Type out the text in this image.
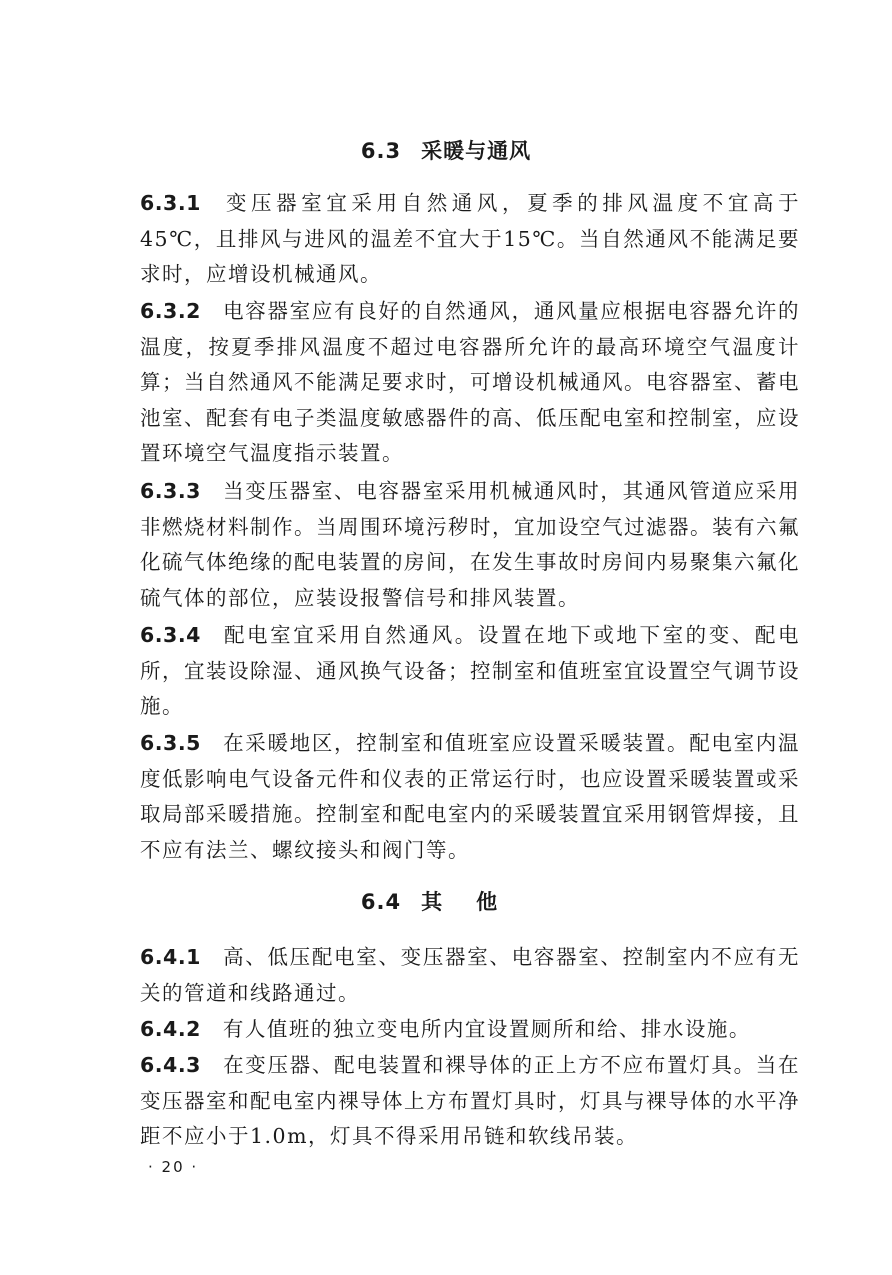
6.3 采暖与通风

6.3.1 变压器室宜采用自然通风，夏季的排风温度不宜高于45℃，且排风与进风的温差不宜大于15℃。当自然通风不能满足要求时，应增设机械通风。

6.3.2 电容器室应有良好的自然通风，通风量应根据电容器允许的温度，按夏季排风温度不超过电容器所允许的最高环境空气温度计算；当自然通风不能满足要求时，可增设机械通风。电容器室、蓄电池室、配套有电子类温度敏感器件的高、低压配电室和控制室，应设置环境空气温度指示装置。

6.3.3 当变压器室、电容器室采用机械通风时，其通风管道应采用非燃烧材料制作。当周围环境污秽时，宜加设空气过滤器。装有六氟化硫气体绝缘的配电装置的房间，在发生事故时房间内易聚集六氟化硫气体的部位，应装设报警信号和排风装置。

6.3.4 配电室宜采用自然通风。设置在地下或地下室的变、配电所，宜装设除湿、通风换气设备；控制室和值班室宜设置空气调节设施。

6.3.5 在采暖地区，控制室和值班室应设置采暖装置。配电室内温度低影响电气设备元件和仪表的正常运行时，也应设置采暖装置或采取局部采暖措施。控制室和配电室内的采暖装置宜采用钢管焊接，且不应有法兰、螺纹接头和阀门等。

6.4 其他

6.4.1 高、低压配电室、变压器室、电容器室、控制室内不应有无关的管道和线路通过。

6.4.2 有人值班的独立变电所内宜设置厕所和给、排水设施。

6.4.3 在变压器、配电装置和裸导体的正上方不应布置灯具。当在变压器室和配电室内裸导体上方布置灯具时，灯具与裸导体的水平净距不应小于1.0m，灯具不得采用吊链和软线吊装。

· 20 ·
